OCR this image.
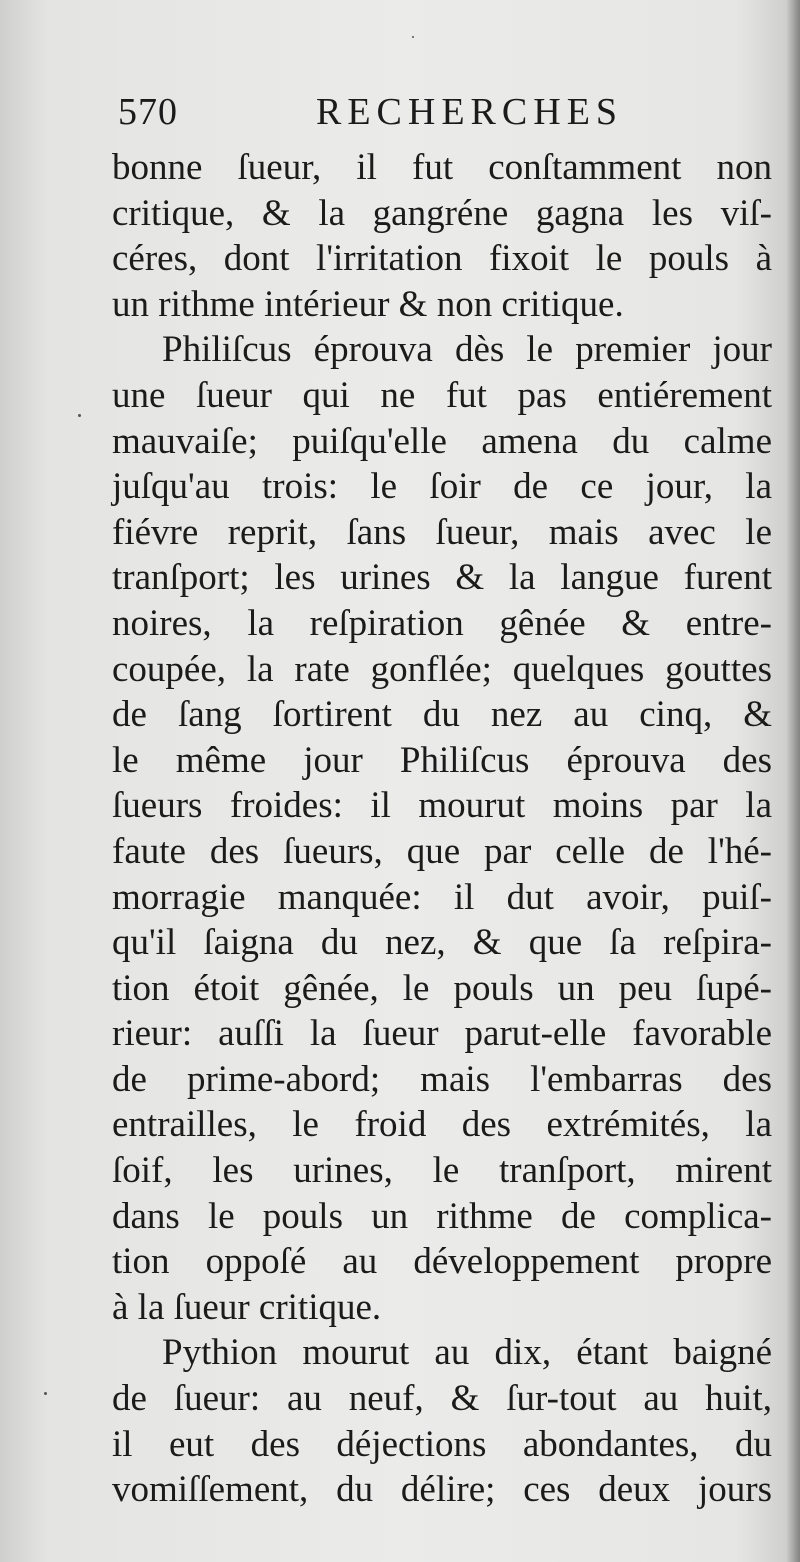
570	RECHERCHES
bonne ſueur, il fut conſtamment non
critique, & la gangréne gagna les viſ-
céres, dont l'irritation fixoit le pouls à
un rithme intérieur & non critique.
Philiſcus éprouva dès le premier jour
une ſueur qui ne fut pas entiérement
mauvaiſe; puiſqu'elle amena du calme
juſqu'au trois: le ſoir de ce jour, la
fiévre reprit, ſans ſueur, mais avec le
tranſport; les urines & la langue furent
noires, la reſpiration gênée & entre-
coupée, la rate gonflée; quelques gouttes
de ſang ſortirent du nez au cinq, &
le même jour Philiſcus éprouva des
ſueurs froides: il mourut moins par la
faute des ſueurs, que par celle de l'hé-
morragie manquée: il dut avoir, puiſ-
qu'il ſaigna du nez, & que ſa reſpira-
tion étoit gênée, le pouls un peu ſupé-
rieur: auſſi la ſueur parut-elle favorable
de prime-abord; mais l'embarras des
entrailles, le froid des extrémités, la
ſoif, les urines, le tranſport, mirent
dans le pouls un rithme de complica-
tion oppoſé au développement propre
à la ſueur critique.
Pythion mourut au dix, étant baigné
de ſueur: au neuf, & ſur-tout au huit,
il eut des déjections abondantes, du
vomiſſement, du délire; ces deux jours
